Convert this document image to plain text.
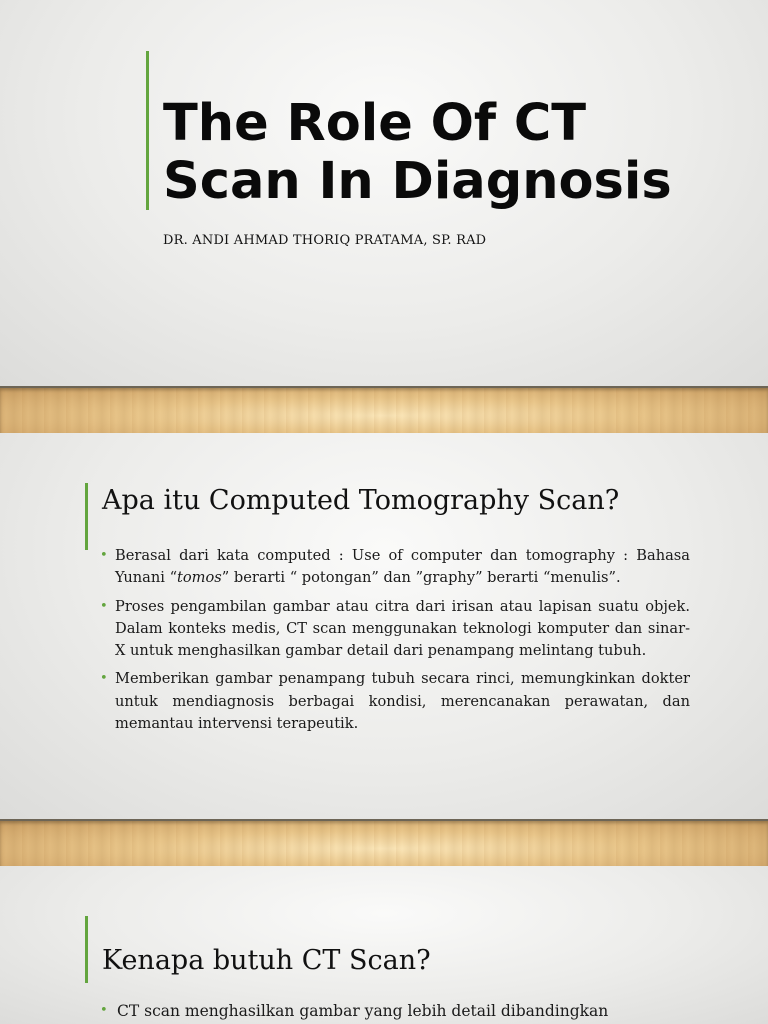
The Role Of CT
Scan In Diagnosis

DR. ANDI AHMAD THORIQ PRATAMA, SP. RAD

Apa itu Computed Tomography Scan?
• Berasal dari kata computed : Use of computer dan tomography : Bahasa Yunani “tomos” berarti “ potongan” dan ”graphy” berarti “menulis”.
• Proses pengambilan gambar atau citra dari irisan atau lapisan suatu objek. Dalam konteks medis, CT scan menggunakan teknologi komputer dan sinar-X untuk menghasilkan gambar detail dari penampang melintang tubuh.
• Memberikan gambar penampang tubuh secara rinci, memungkinkan dokter untuk mendiagnosis berbagai kondisi, merencanakan perawatan, dan memantau intervensi terapeutik.
Kenapa butuh CT Scan?
• CT scan menghasilkan gambar yang lebih detail dibandingkan
